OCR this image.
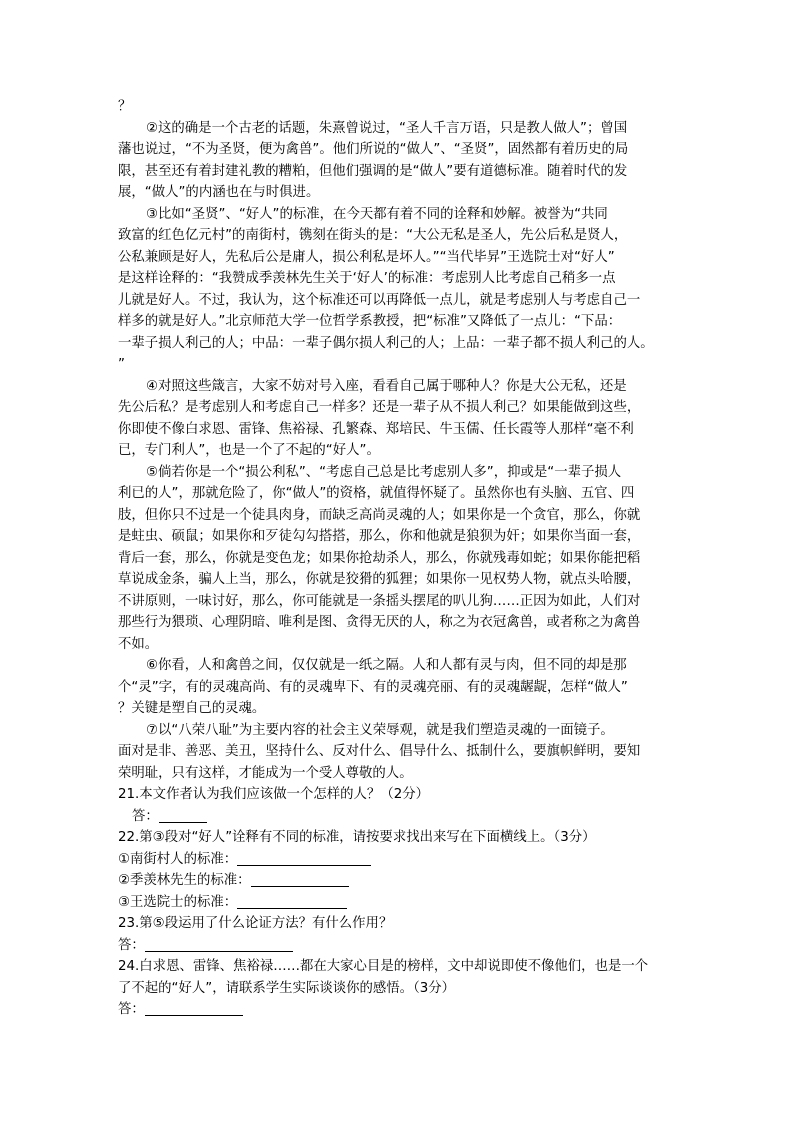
？
②这的确是一个古老的话题，朱熹曾说过，“圣人千言万语，只是教人做人”；曾国
藩也说过，“不为圣贤，便为禽兽”。他们所说的“做人”、“圣贤”，固然都有着历史的局
限，甚至还有着封建礼教的糟粕，但他们强调的是“做人”要有道德标准。随着时代的发
展，“做人”的内涵也在与时俱进。
③比如“圣贤”、“好人”的标准，在今天都有着不同的诠释和妙解。被誉为“共同
致富的红色亿元村”的南街村，镌刻在街头的是：“大公无私是圣人，先公后私是贤人，
公私兼顾是好人，先私后公是庸人，损公利私是坏人。”“当代毕昇”王选院士对“好人”
是这样诠释的：“我赞成季羡林先生关于‘好人’的标准：考虑别人比考虑自己稍多一点
儿就是好人。不过，我认为，这个标准还可以再降低一点儿，就是考虑别人与考虑自己一
样多的就是好人。”北京师范大学一位哲学系教授，把“标准”又降低了一点儿：“下品：
一辈子损人利己的人；中品：一辈子偶尔损人利己的人；上品：一辈子都不损人利己的人。
”
④对照这些箴言，大家不妨对号入座，看看自己属于哪种人？你是大公无私，还是
先公后私？是考虑别人和考虑自己一样多？还是一辈子从不损人利己？如果能做到这些，
你即使不像白求恩、雷锋、焦裕禄、孔繁森、郑培民、牛玉儒、任长霞等人那样“毫不利
已，专门利人”，也是一个了不起的“好人”。
⑤倘若你是一个“损公利私”、“考虑自己总是比考虑别人多”，抑或是“一辈子损人
利已的人”，那就危险了，你“做人”的资格，就值得怀疑了。虽然你也有头脑、五官、四
肢，但你只不过是一个徒具肉身，而缺乏高尚灵魂的人；如果你是一个贪官，那么，你就
是蛀虫、硕鼠；如果你和歹徒勾勾搭搭，那么，你和他就是狼狈为奸；如果你当面一套，
背后一套，那么，你就是变色龙；如果你抢劫杀人，那么，你就残毒如蛇；如果你能把稻
草说成金条，骗人上当，那么，你就是狡猾的狐狸；如果你一见权势人物，就点头哈腰，
不讲原则，一味讨好，那么，你可能就是一条摇头摆尾的叭儿狗……正因为如此，人们对
那些行为猥琐、心理阴暗、唯利是图、贪得无厌的人，称之为衣冠禽兽，或者称之为禽兽
不如。
⑥你看，人和禽兽之间，仅仅就是一纸之隔。人和人都有灵与肉，但不同的却是那
个“灵”字，有的灵魂高尚、有的灵魂卑下、有的灵魂亮丽、有的灵魂龌龊，怎样“做人”
？关键是塑自己的灵魂。
⑦以“八荣八耻”为主要内容的社会主义荣辱观，就是我们塑造灵魂的一面镜子。
面对是非、善恶、美丑，坚持什么、反对什么、倡导什么、抵制什么，要旗帜鲜明，要知
荣明耻，只有这样，才能成为一个受人尊敬的人。
21.本文作者认为我们应该做一个怎样的人？（2分）
答：
22.第③段对“好人”诠释有不同的标准，请按要求找出来写在下面横线上。（3分）
①南街村人的标准：
②季羡林先生的标准：
③王选院士的标准：
23.第⑤段运用了什么论证方法？有什么作用？
答：
24.白求恩、雷锋、焦裕禄……都在大家心目是的榜样，文中却说即使不像他们，也是一个
了不起的“好人”，请联系学生实际谈谈你的感悟。（3分）
答：
